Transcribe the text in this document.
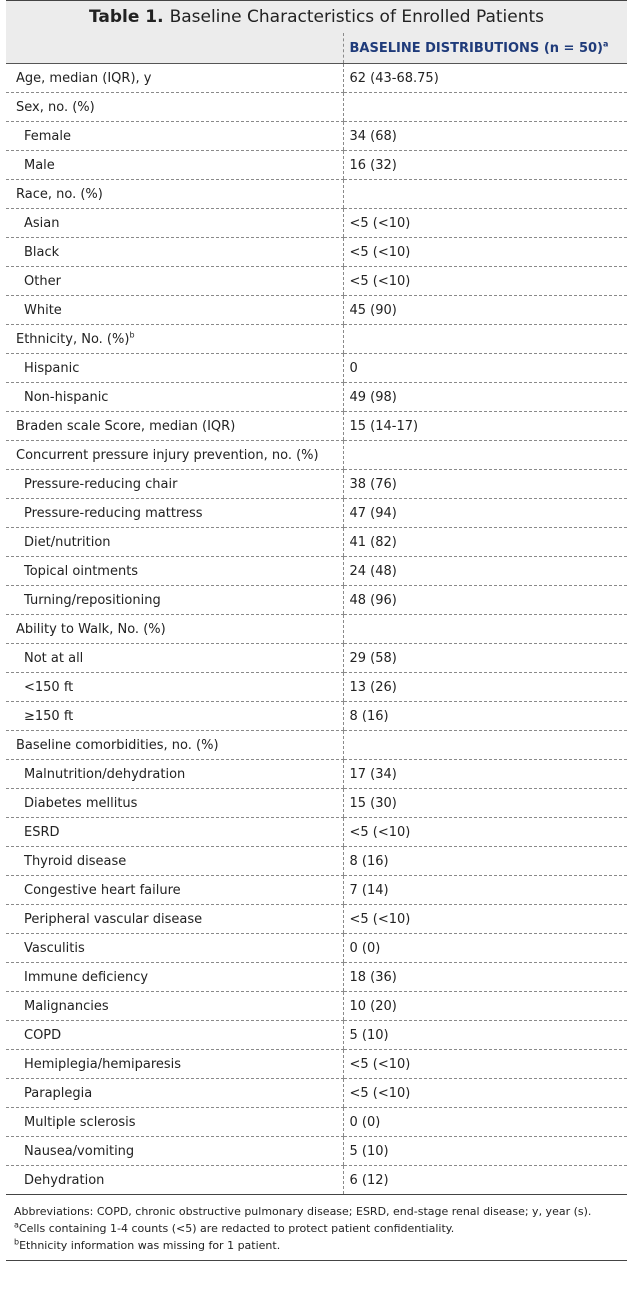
Table 1. Baseline Characteristics of Enrolled Patients
	BASELINE DISTRIBUTIONS (n = 50)$^a$
Age, median (IQR), y	62 (43-68.75)
Sex, no. (%)	
Female	34 (68)
Male	16 (32)
Race, no. (%)	
Asian	<5 (<10)
Black	<5 (<10)
Other	<5 (<10)
White	45 (90)
Ethnicity, No. (%)$^b$	
Hispanic	0
Non-hispanic	49 (98)
Braden scale Score, median (IQR)	15 (14-17)
Concurrent pressure injury prevention, no. (%)	
Pressure-reducing chair	38 (76)
Pressure-reducing mattress	47 (94)
Diet/nutrition	41 (82)
Topical ointments	24 (48)
Turning/repositioning	48 (96)
Ability to Walk, No. (%)	
Not at all	29 (58)
<150 ft	13 (26)
≥150 ft	8 (16)
Baseline comorbidities, no. (%)	
Malnutrition/dehydration	17 (34)
Diabetes mellitus	15 (30)
ESRD	<5 (<10)
Thyroid disease	8 (16)
Congestive heart failure	7 (14)
Peripheral vascular disease	<5 (<10)
Vasculitis	0 (0)
Immune deficiency	18 (36)
Malignancies	10 (20)
COPD	5 (10)
Hemiplegia/hemiparesis	<5 (<10)
Paraplegia	<5 (<10)
Multiple sclerosis	0 (0)
Nausea/vomiting	5 (10)
Dehydration	6 (12)
Abbreviations: COPD, chronic obstructive pulmonary disease; ESRD, end-stage renal disease; y, year (s).
$^a$Cells containing 1-4 counts (<5) are redacted to protect patient confidentiality.
$^b$Ethnicity information was missing for 1 patient.
